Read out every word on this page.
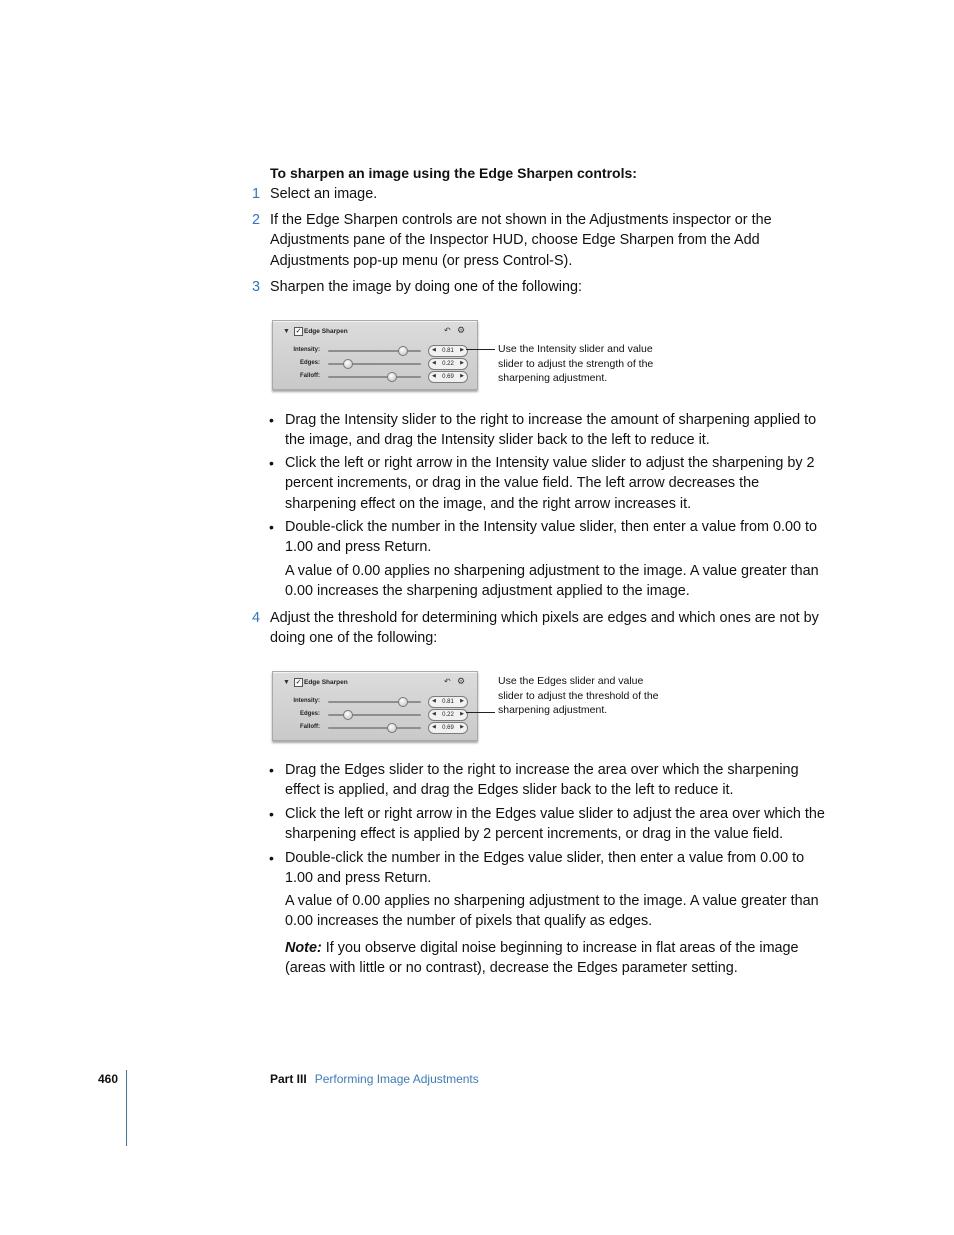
To sharpen an image using the Edge Sharpen controls:
1 Select an image.
2 If the Edge Sharpen controls are not shown in the Adjustments inspector or the Adjustments pane of the Inspector HUD, choose Edge Sharpen from the Add Adjustments pop-up menu (or press Control-S).
3 Sharpen the image by doing one of the following:
▼ ✓ Edge Sharpen	↶ ⚙
Intensity:	◀	0.81	▶
Edges:	◀	0.22	▶
Falloff:	◀	0.69	▶
Use the Intensity slider and value slider to adjust the strength of the sharpening adjustment.
• Drag the Intensity slider to the right to increase the amount of sharpening applied to the image, and drag the Intensity slider back to the left to reduce it.
• Click the left or right arrow in the Intensity value slider to adjust the sharpening by 2 percent increments, or drag in the value field. The left arrow decreases the sharpening effect on the image, and the right arrow increases it.
• Double-click the number in the Intensity value slider, then enter a value from 0.00 to 1.00 and press Return.
A value of 0.00 applies no sharpening adjustment to the image. A value greater than 0.00 increases the sharpening adjustment applied to the image.
4 Adjust the threshold for determining which pixels are edges and which ones are not by doing one of the following:
▼ ✓ Edge Sharpen	↶ ⚙
Intensity:	◀	0.81	▶
Edges:	◀	0.22	▶
Falloff:	◀	0.69	▶
Use the Edges slider and value slider to adjust the threshold of the sharpening adjustment.
• Drag the Edges slider to the right to increase the area over which the sharpening effect is applied, and drag the Edges slider back to the left to reduce it.
• Click the left or right arrow in the Edges value slider to adjust the area over which the sharpening effect is applied by 2 percent increments, or drag in the value field.
• Double-click the number in the Edges value slider, then enter a value from 0.00 to 1.00 and press Return.
A value of 0.00 applies no sharpening adjustment to the image. A value greater than 0.00 increases the number of pixels that qualify as edges.
Note: If you observe digital noise beginning to increase in flat areas of the image (areas with little or no contrast), decrease the Edges parameter setting.
460	Part III Performing Image Adjustments
